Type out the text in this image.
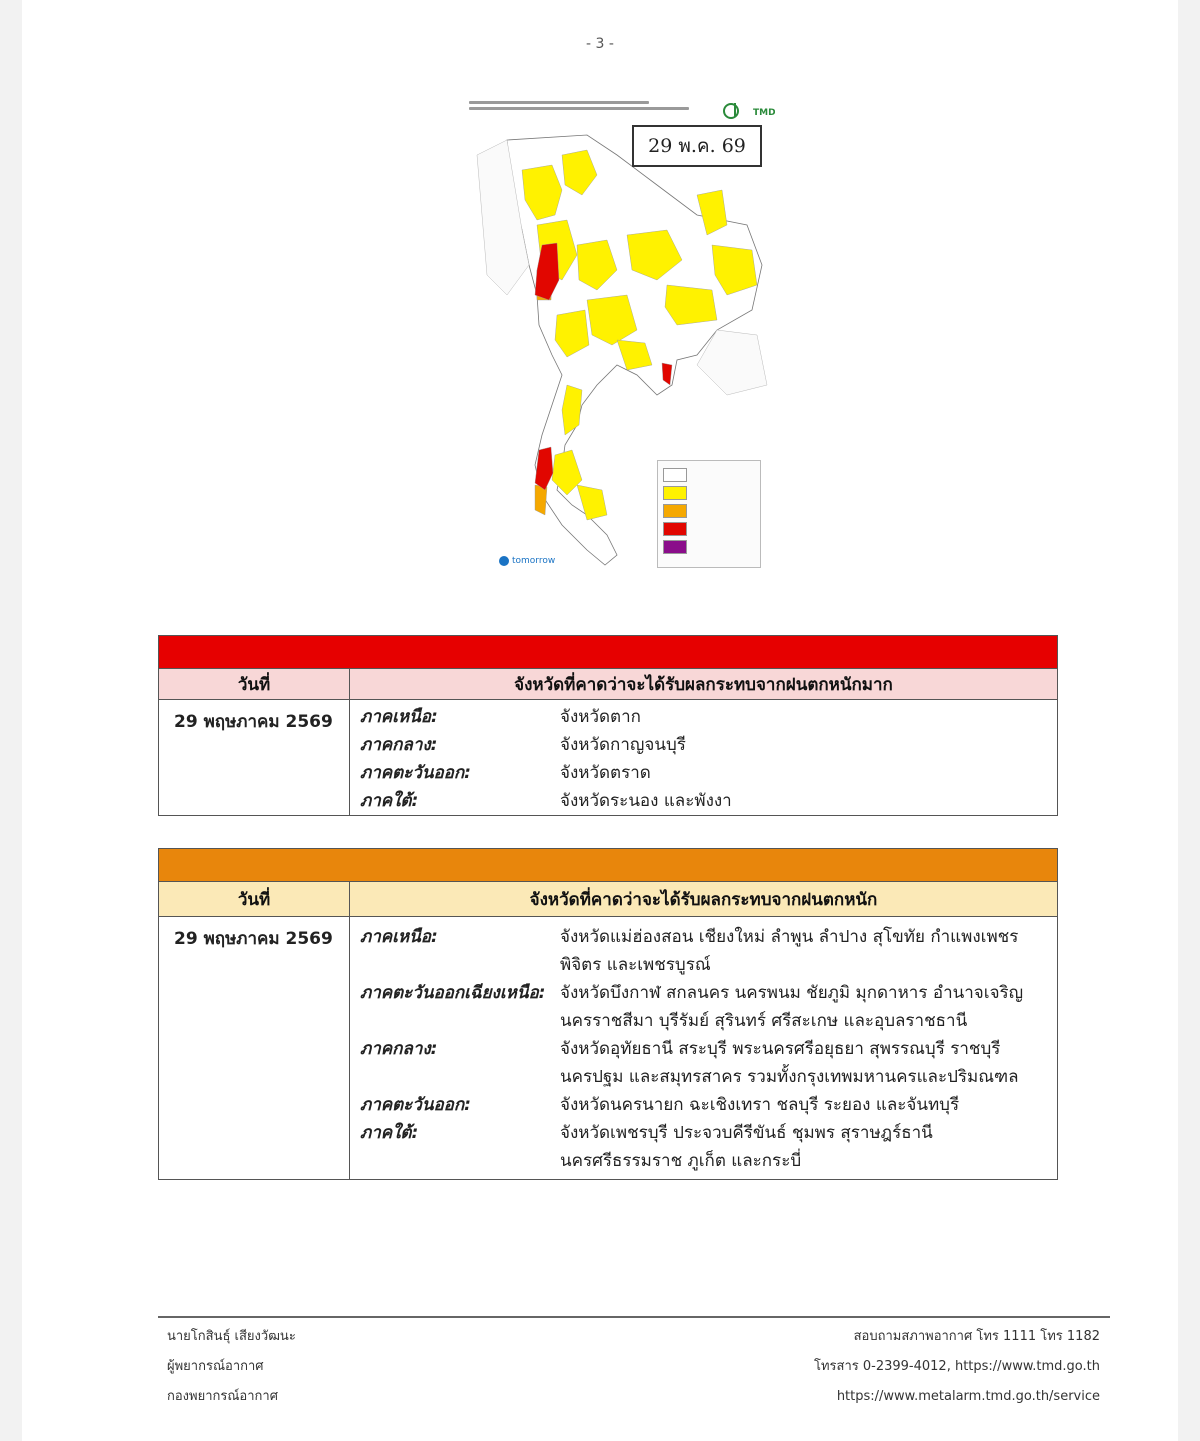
- 3 -
TMD
29 พ.ค. 69
tomorrow
วันที่	จังหวัดที่คาดว่าจะได้รับผลกระทบจากฝนตกหนักมาก
29 พฤษภาคม 2569	ภาคเหนือ:	จังหวัดตาก
ภาคกลาง:	จังหวัดกาญจนบุรี
ภาคตะวันออก:	จังหวัดตราด
ภาคใต้:	จังหวัดระนอง และพังงา
วันที่	จังหวัดที่คาดว่าจะได้รับผลกระทบจากฝนตกหนัก
29 พฤษภาคม 2569	ภาคเหนือ:	จังหวัดแม่ฮ่องสอน เชียงใหม่ ลำพูน ลำปาง สุโขทัย กำแพงเพชร
พิจิตร และเพชรบูรณ์
ภาคตะวันออกเฉียงเหนือ: จังหวัดบึงกาฬ สกลนคร นครพนม ชัยภูมิ มุกดาหาร อำนาจเจริญ
นครราชสีมา บุรีรัมย์ สุรินทร์ ศรีสะเกษ และอุบลราชธานี
ภาคกลาง:	จังหวัดอุทัยธานี สระบุรี พระนครศรีอยุธยา สุพรรณบุรี ราชบุรี
นครปฐม และสมุทรสาคร รวมทั้งกรุงเทพมหานครและปริมณฑล
ภาคตะวันออก:	จังหวัดนครนายก ฉะเชิงเทรา ชลบุรี ระยอง และจันทบุรี
ภาคใต้:	จังหวัดเพชรบุรี ประจวบคีรีขันธ์ ชุมพร สุราษฎร์ธานี
นครศรีธรรมราช ภูเก็ต และกระบี่
นายโกสินธุ์ เสียงวัฒนะ
ผู้พยากรณ์อากาศ
กองพยากรณ์อากาศ
สอบถามสภาพอากาศ โทร 1111 โทร 1182
โทรสาร 0-2399-4012, https://www.tmd.go.th
https://www.metalarm.tmd.go.th/service
